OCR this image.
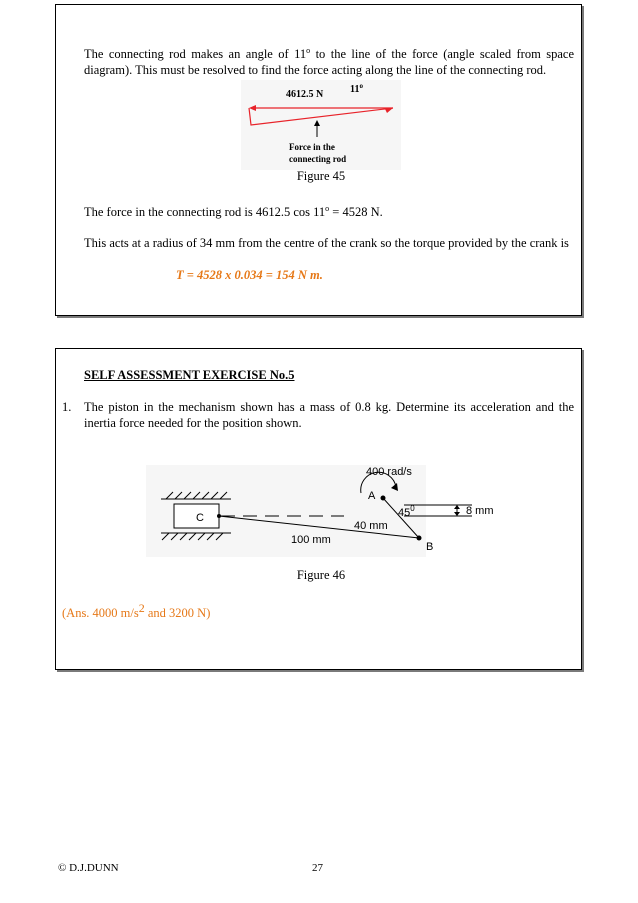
The connecting rod makes an angle of 11$^o$ to the line of the force (angle scaled from space diagram). This must be resolved to find the force acting along the line of the connecting rod.
4612.5 N	11$^o$
Force in the
connecting rod
Figure 45
The force in the connecting rod is 4612.5 $\cos 11^o = 4528$ N.
This acts at a radius of 34 mm from the centre of the crank so the torque provided by the crank is
T = 4528 x 0.034 = 154 N m.
SELF ASSESSMENT EXERCISE No.5
1. The piston in the mechanism shown has a mass of 0.8 kg. Determine its acceleration and the inertia force needed for the position shown.
C
A
B
400 rad/s
$45^0$	8 mm
40 mm
100 mm
Figure 46
(Ans. 4000 $m/s^2$ and 3200 N)
© D.J.DUNN	27
